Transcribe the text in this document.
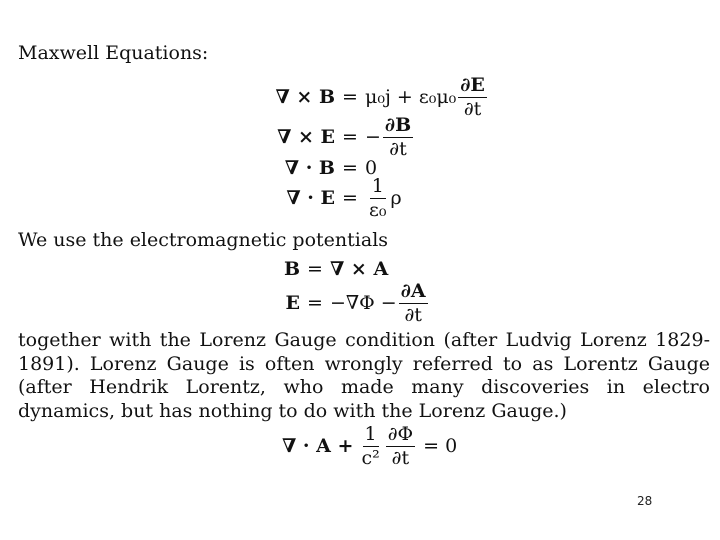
Maxwell Equations:
∇ × $B = \mu_0j + \varepsilon_0\mu_0 \frac{\partial E}{\partial t}$
∇ × E = − $\frac{\partial B}{\partial t}$
∇ · B = 0
∇ · $E = \frac{1}{\text{ε₀}}$ ρ
We use the electromagnetic potentials
B = ∇ × A
$E = -\nabla\Phi - \frac{\partial A}{\partial t}$
together with the Lorenz Gauge condition (after Ludvig Lorenz 1829-1891). Lorenz Gauge is often wrongly referred to as Lorentz Gauge (after Hendrik Lorentz, who made many discoveries in electro dynamics, but has nothing to do with the Lorenz Gauge.)
∇ · $A + \frac{1}{\text{c²}} \frac{\partial\Phi}{\partial t} = 0$
28
